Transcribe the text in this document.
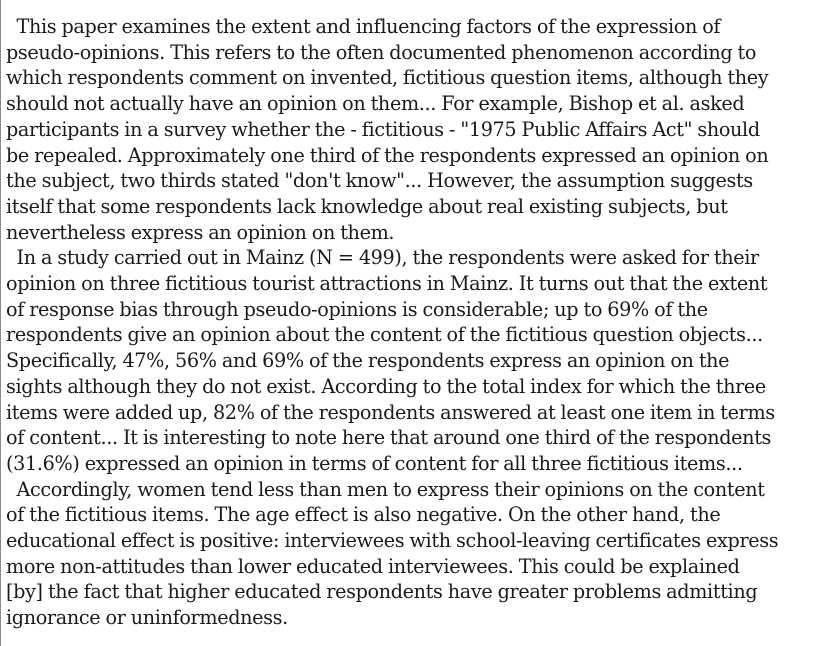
This paper examines the extent and influencing factors of the expression of
pseudo-opinions. This refers to the often documented phenomenon according to
which respondents comment on invented, fictitious question items, although they
should not actually have an opinion on them... For example, Bishop et al. asked
participants in a survey whether the - fictitious - "1975 Public Affairs Act" should
be repealed. Approximately one third of the respondents expressed an opinion on
the subject, two thirds stated "don't know"... However, the assumption suggests
itself that some respondents lack knowledge about real existing subjects, but
nevertheless express an opinion on them.
In a study carried out in Mainz (N = 499), the respondents were asked for their
opinion on three fictitious tourist attractions in Mainz. It turns out that the extent
of response bias through pseudo-opinions is considerable; up to 69% of the
respondents give an opinion about the content of the fictitious question objects...
Specifically, 47%, 56% and 69% of the respondents express an opinion on the
sights although they do not exist. According to the total index for which the three
items were added up, 82% of the respondents answered at least one item in terms
of content... It is interesting to note here that around one third of the respondents
(31.6%) expressed an opinion in terms of content for all three fictitious items...
Accordingly, women tend less than men to express their opinions on the content
of the fictitious items. The age effect is also negative. On the other hand, the
educational effect is positive: interviewees with school-leaving certificates express
more non-attitudes than lower educated interviewees. This could be explained
[by] the fact that higher educated respondents have greater problems admitting
ignorance or uninformedness.
